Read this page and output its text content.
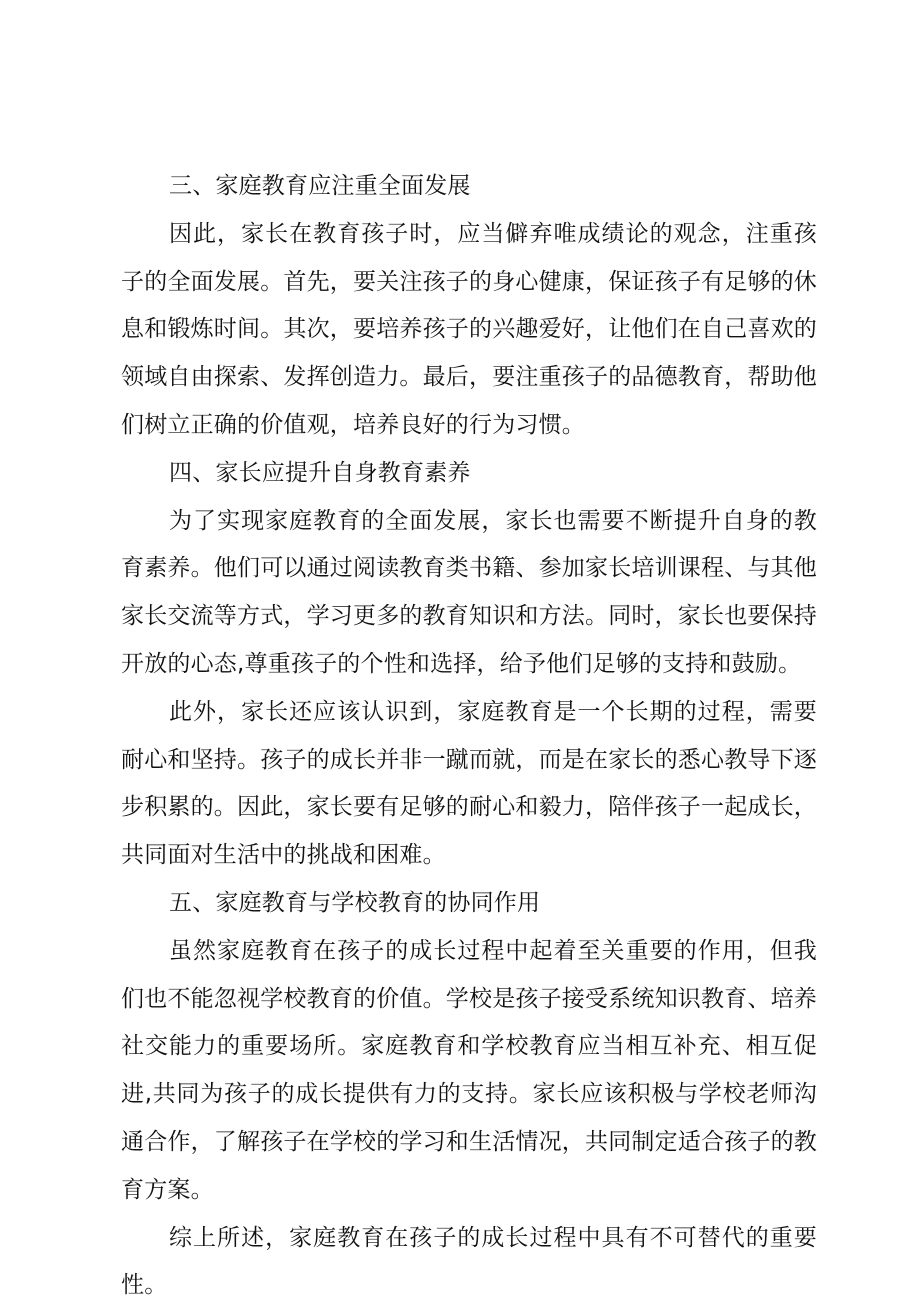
三、家庭教育应注重全面发展

因此，家长在教育孩子时，应当僻弃唯成绩论的观念，注重孩子的全面发展。首先，要关注孩子的身心健康，保证孩子有足够的休息和锻炼时间。其次，要培养孩子的兴趣爱好，让他们在自己喜欢的领域自由探索、发挥创造力。最后，要注重孩子的品德教育，帮助他们树立正确的价值观，培养良好的行为习惯。

四、家长应提升自身教育素养

为了实现家庭教育的全面发展，家长也需要不断提升自身的教育素养。他们可以通过阅读教育类书籍、参加家长培训课程、与其他家长交流等方式，学习更多的教育知识和方法。同时，家长也要保持开放的心态,尊重孩子的个性和选择，给予他们足够的支持和鼓励。

此外，家长还应该认识到，家庭教育是一个长期的过程，需要耐心和坚持。孩子的成长并非一蹴而就，而是在家长的悉心教导下逐步积累的。因此，家长要有足够的耐心和毅力，陪伴孩子一起成长，共同面对生活中的挑战和困难。

五、家庭教育与学校教育的协同作用

虽然家庭教育在孩子的成长过程中起着至关重要的作用，但我们也不能忽视学校教育的价值。学校是孩子接受系统知识教育、培养社交能力的重要场所。家庭教育和学校教育应当相互补充、相互促进,共同为孩子的成长提供有力的支持。家长应该积极与学校老师沟通合作，了解孩子在学校的学习和生活情况，共同制定适合孩子的教育方案。

综上所述，家庭教育在孩子的成长过程中具有不可替代的重要性。
